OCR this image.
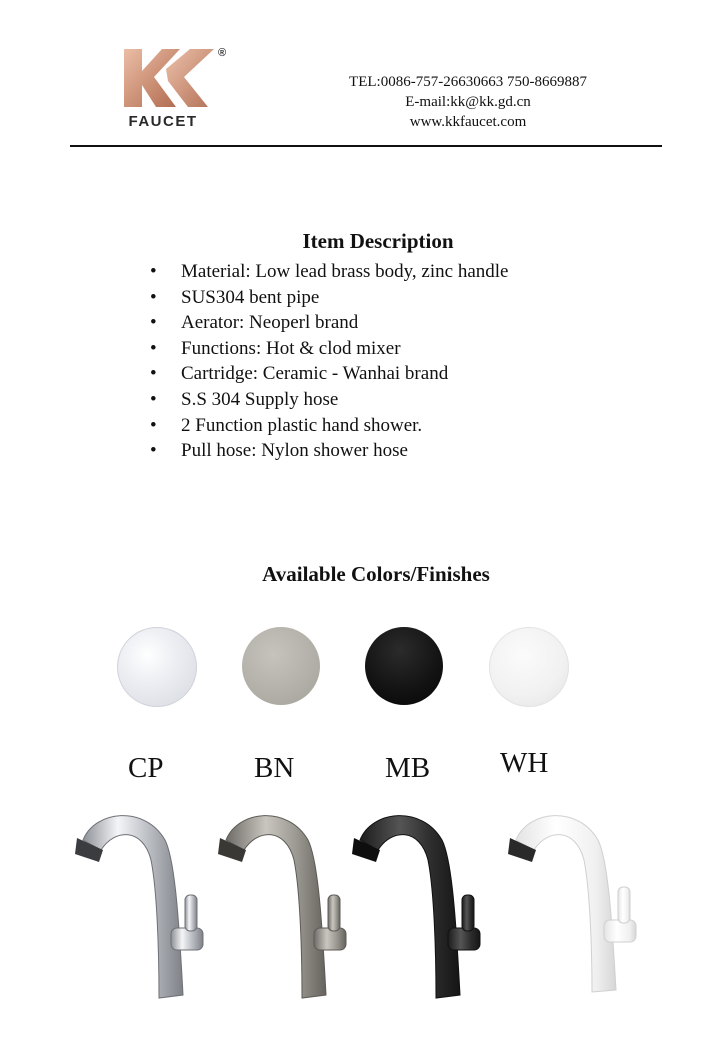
®
FAUCET
TEL:0086-757-26630663 750-8669887
E-mail:kk@kk.gd.cn
www.kkfaucet.com
Item Description
• Material: Low lead brass body, zinc handle
• SUS304 bent pipe
• Aerator: Neoperl brand
• Functions: Hot & clod mixer
• Cartridge: Ceramic - Wanhai brand
• S.S 304 Supply hose
• 2 Function plastic hand shower.
• Pull hose: Nylon shower hose
Available Colors/Finishes
CP	BN	MB WH
